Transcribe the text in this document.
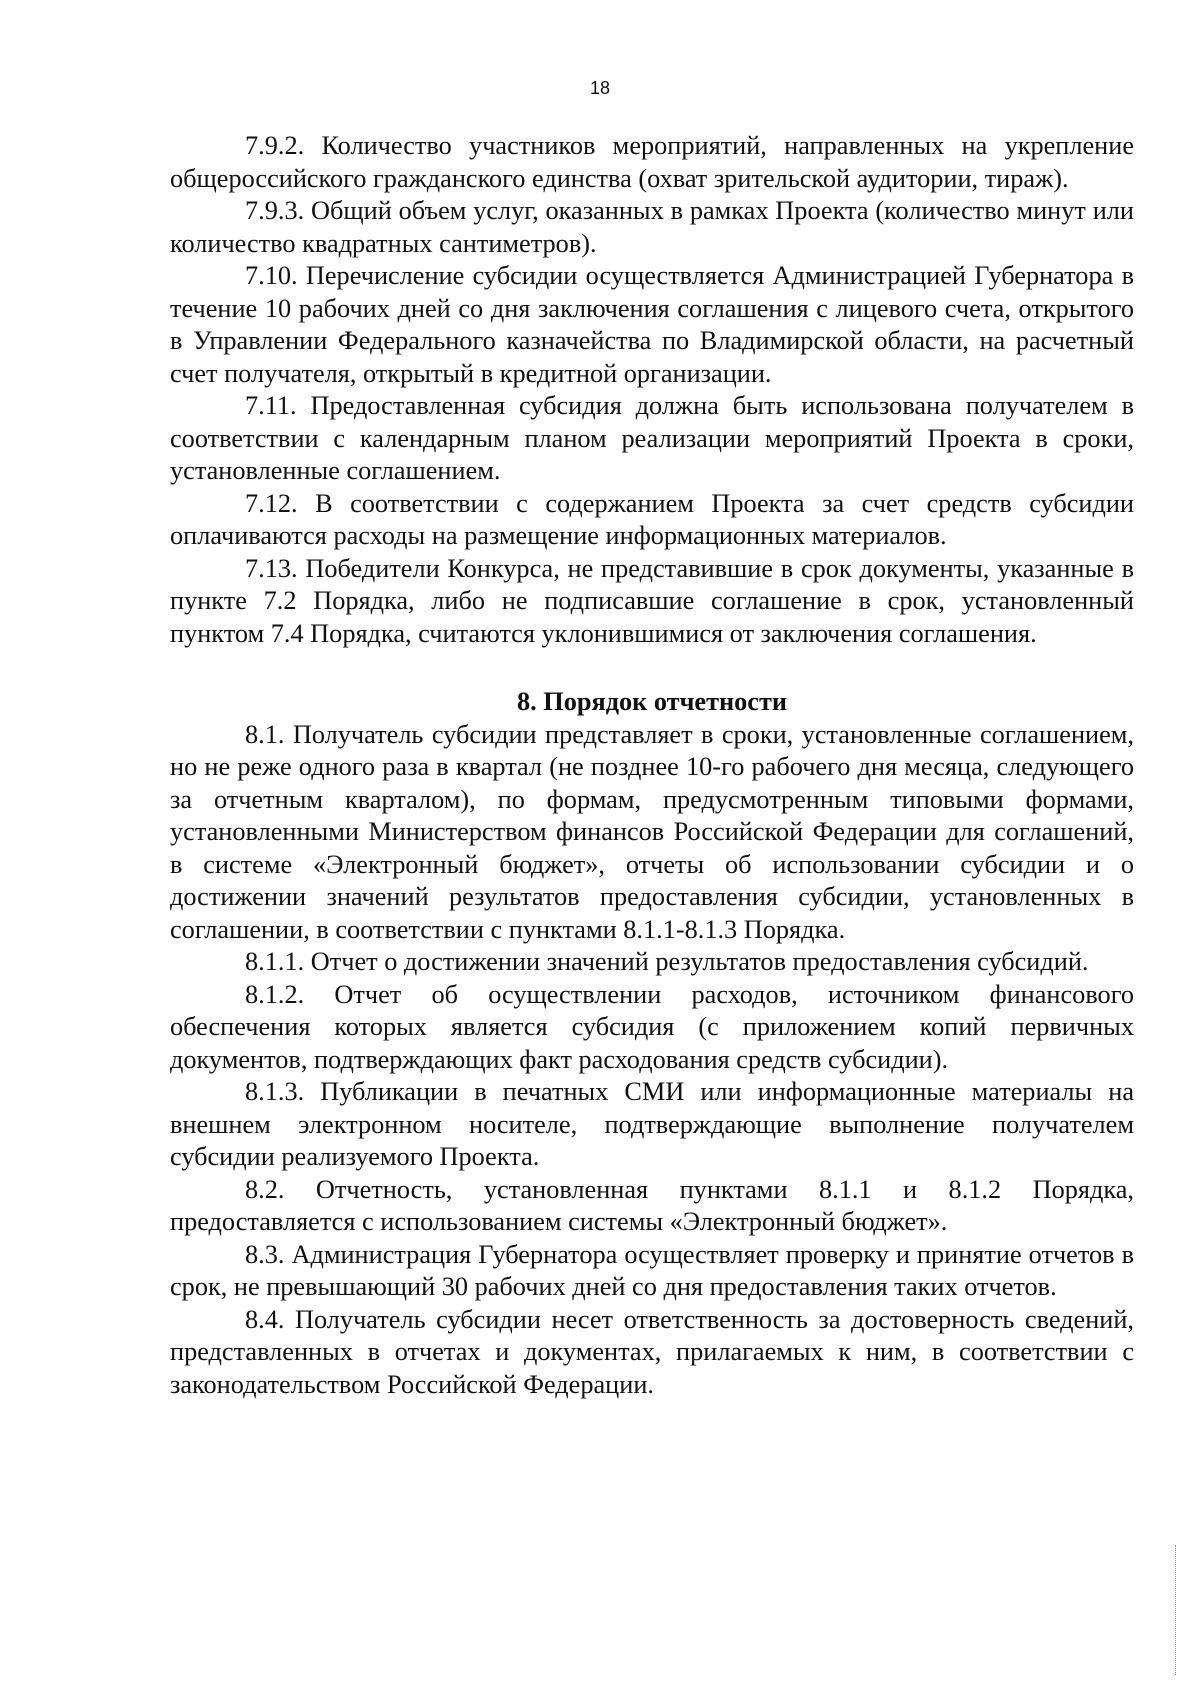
18

7.9.2. Количество участников мероприятий, направленных на укрепление общероссийского гражданского единства (охват зрительской аудитории, тираж).

7.9.3. Общий объем услуг, оказанных в рамках Проекта (количество минут или количество квадратных сантиметров).

7.10. Перечисление субсидии осуществляется Администрацией Губернатора в течение 10 рабочих дней со дня заключения соглашения с лицевого счета, открытого в Управлении Федерального казначейства по Владимирской области, на расчетный счет получателя, открытый в кредитной организации.

7.11. Предоставленная субсидия должна быть использована получателем в соответствии с календарным планом реализации мероприятий Проекта в сроки, установленные соглашением.

7.12. В соответствии с содержанием Проекта за счет средств субсидии оплачиваются расходы на размещение информационных материалов.

7.13. Победители Конкурса, не представившие в срок документы, указанные в пункте 7.2 Порядка, либо не подписавшие соглашение в срок, установленный пунктом 7.4 Порядка, считаются уклонившимися от заключения соглашения.

8. Порядок отчетности

8.1. Получатель субсидии представляет в сроки, установленные соглашением, но не реже одного раза в квартал (не позднее 10-го рабочего дня месяца, следующего за отчетным кварталом), по формам, предусмотренным типовыми формами, установленными Министерством финансов Российской Федерации для соглашений, в системе «Электронный бюджет», отчеты об использовании субсидии и о достижении значений результатов предоставления субсидии, установленных в соглашении, в соответствии с пунктами 8.1.1-8.1.3 Порядка.

8.1.1. Отчет о достижении значений результатов предоставления субсидий.

8.1.2. Отчет об осуществлении расходов, источником финансового обеспечения которых является субсидия (с приложением копий первичных документов, подтверждающих факт расходования средств субсидии).

8.1.3. Публикации в печатных СМИ или информационные материалы на внешнем электронном носителе, подтверждающие выполнение получателем субсидии реализуемого Проекта.

8.2. Отчетность, установленная пунктами 8.1.1 и 8.1.2 Порядка, предоставляется с использованием системы «Электронный бюджет».

8.3. Администрация Губернатора осуществляет проверку и принятие отчетов в срок, не превышающий 30 рабочих дней со дня предоставления таких отчетов.

8.4. Получатель субсидии несет ответственность за достоверность сведений, представленных в отчетах и документах, прилагаемых к ним, в соответствии с законодательством Российской Федерации.
